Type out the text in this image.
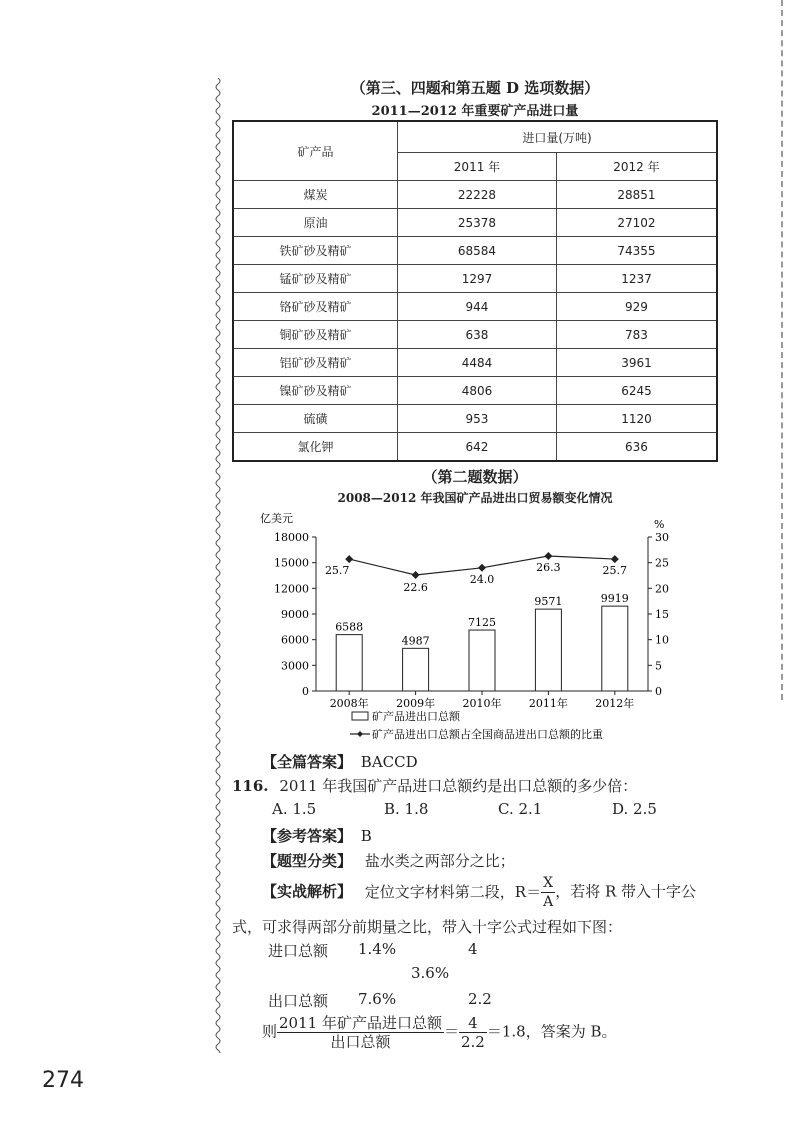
（第三、四题和第五题 D 选项数据）
2011—2012 年重要矿产品进口量
矿产品	进口量(万吨)	
	2011 年	2012 年
煤炭	22228	28851
原油	25378	27102
铁矿砂及精矿	68584	74355
锰矿砂及精矿	1297	1237
铬矿砂及精矿	944	929
铜矿砂及精矿	638	783
铝矿砂及精矿	4484	3961
镍矿砂及精矿	4806	6245
硫磺	953	1120
氯化钾	642	636
（第二题数据）
2008—2012 年我国矿产品进出口贸易额变化情况
亿美元	%
0
3000
6000
9000
12000
15000
18000
0
5
10
15
20
25
30
6588
2008年
4987
2009年
7125
2010年
9571
2011年
9919
2012年
25.7
22.6
24.0
26.3	25.7
矿产品进出口总额
矿产品进出口总额占全国商品进出口总额的比重
【全篇答案】 BACCD
116. 2011 年我国矿产品进口总额约是出口总额的多少倍：
A. 1.5	B. 1.8	C. 2.1	D. 2.5
【参考答案】 B
【题型分类】 盐水类之两部分之比；
【实战解析】 定位文字材料第二段，$R= \frac{X}{A}$ ，若将 R 带入十字公
式，可求得两部分前期量之比，带入十字公式过程如下图：
进口总额 1.4%	4
3.6%
出口总额 7.6%	2.2
则 $\frac{\text{2011 年矿产品进口总额}}{\text{出口总额}} = \frac{4}{2.2} =1.8$，答案为 B。
274
